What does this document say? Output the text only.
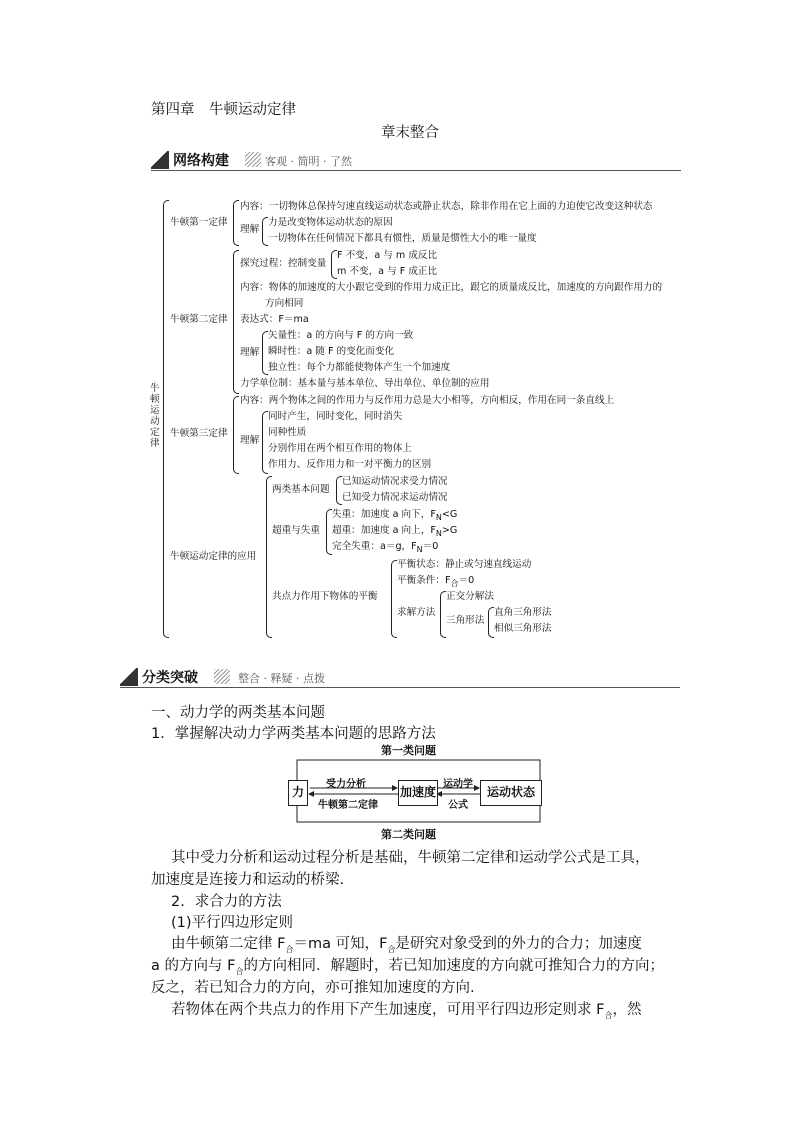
第四章　牛顿运动定律
章末整合
网络构建	客观 · 简明 · 了然
牛顿运动定律
牛顿第一定律
内容：一切物体总保持匀速直线运动状态或静止状态，除非作用在它上面的力迫使它改变这种状态
理解
力是改变物体运动状态的原因
一切物体在任何情况下都具有惯性，质量是惯性大小的唯一量度
牛顿第二定律
探究过程：控制变量
F 不变，a 与 m 成反比
m 不变，a 与 F 成正比
内容：物体的加速度的大小跟它受到的作用力成正比，跟它的质量成反比，加速度的方向跟作用力的
方向相同
表达式：F＝ma
理解
矢量性：a 的方向与 F 的方向一致
瞬时性：a 随 F 的变化而变化
独立性：每个力都能使物体产生一个加速度
力学单位制：基本量与基本单位、导出单位、单位制的应用
牛顿第三定律
内容：两个物体之间的作用力与反作用力总是大小相等，方向相反，作用在同一条直线上
理解
同时产生，同时变化，同时消失
同种性质
分别作用在两个相互作用的物体上
作用力、反作用力和一对平衡力的区别
牛顿运动定律的应用
两类基本问题
已知运动情况求受力情况
已知受力情况求运动情况
超重与失重
失重：加速度 a 向下，$F_N<G$
超重：加速度 a 向上，$F_N>G$
完全失重：a＝g，$F_N=0$
共点力作用下物体的平衡
平衡状态：静止或匀速直线运动
平衡条件：$F_合=0$
求解方法
正交分解法
三角形法
直角三角形法
相似三角形法
分类突破	整合 · 释疑 · 点拨
一、动力学的两类基本问题
1．掌握解决动力学两类基本问题的思路方法
第一类问题
第二类问题
力	加速度	运动状态
受力分析
牛顿第二定律
运动学
公式
其中受力分析和运动过程分析是基础，牛顿第二定律和运动学公式是工具，
加速度是连接力和运动的桥梁.
2．求合力的方法
(1)平行四边形定则
由牛顿第二定律 $F_合=ma$ 可知，$F_合$是研究对象受到的外力的合力；加速度
a 的方向与 $F_合$的方向相同．解题时，若已知加速度的方向就可推知合力的方向；
反之，若已知合力的方向，亦可推知加速度的方向.
若物体在两个共点力的作用下产生加速度，可用平行四边形定则求 $F_合$，然
